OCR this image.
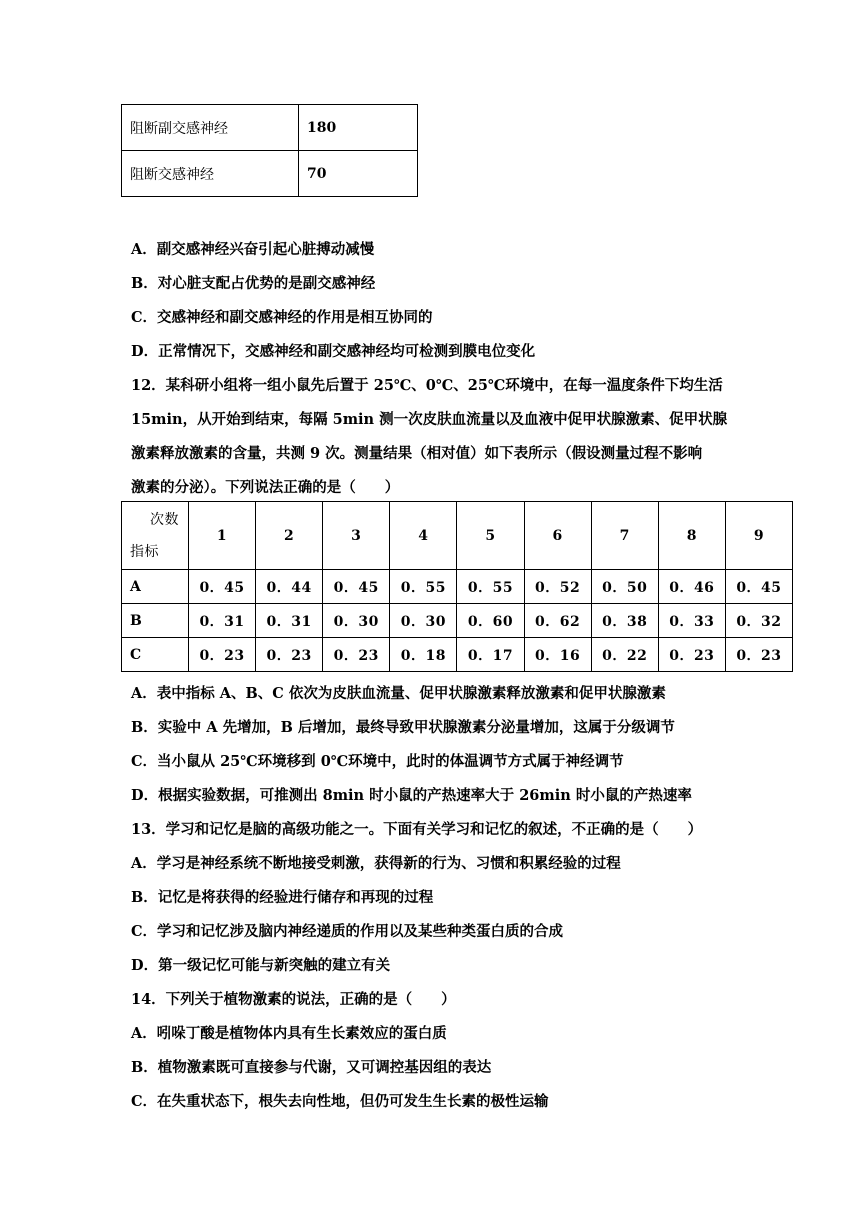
阻断副交感神经	180
阻断交感神经	70
A．副交感神经兴奋引起心脏搏动减慢
B．对心脏支配占优势的是副交感神经
C．交感神经和副交感神经的作用是相互协同的
D．正常情况下，交感神经和副交感神经均可检测到膜电位变化
12．某科研小组将一组小鼠先后置于 25℃、0℃、25℃环境中，在每一温度条件下均生活
15min，从开始到结束，每隔 5min 测一次皮肤血流量以及血液中促甲状腺激素、促甲状腺
激素释放激素的含量，共测 9 次。测量结果（相对值）如下表所示（假设测量过程不影响
激素的分泌）。下列说法正确的是（　　）
次数
指标	1	2	3	4	5	6	7	8	9
A	0．45	0．44	0．45	0．55	0．55	0．52	0．50	0．46	0．45
B	0．31	0．31	0．30	0．30	0．60	0．62	0．38	0．33	0．32
C	0．23	0．23	0．23	0．18	0．17	0．16	0．22	0．23	0．23
A．表中指标 A、B、C 依次为皮肤血流量、促甲状腺激素释放激素和促甲状腺激素
B．实验中 A 先增加，B 后增加，最终导致甲状腺激素分泌量增加，这属于分级调节
C．当小鼠从 25℃环境移到 0℃环境中，此时的体温调节方式属于神经调节
D．根据实验数据，可推测出 8min 时小鼠的产热速率大于 26min 时小鼠的产热速率
13．学习和记忆是脑的高级功能之一。下面有关学习和记忆的叙述，不正确的是（　　）
A．学习是神经系统不断地接受刺激，获得新的行为、习惯和积累经验的过程
B．记忆是将获得的经验进行储存和再现的过程
C．学习和记忆涉及脑内神经递质的作用以及某些种类蛋白质的合成
D．第一级记忆可能与新突触的建立有关
14．下列关于植物激素的说法，正确的是（　　）
A．吲哚丁酸是植物体内具有生长素效应的蛋白质
B．植物激素既可直接参与代谢，又可调控基因组的表达
C．在失重状态下，根失去向性地，但仍可发生生长素的极性运输
